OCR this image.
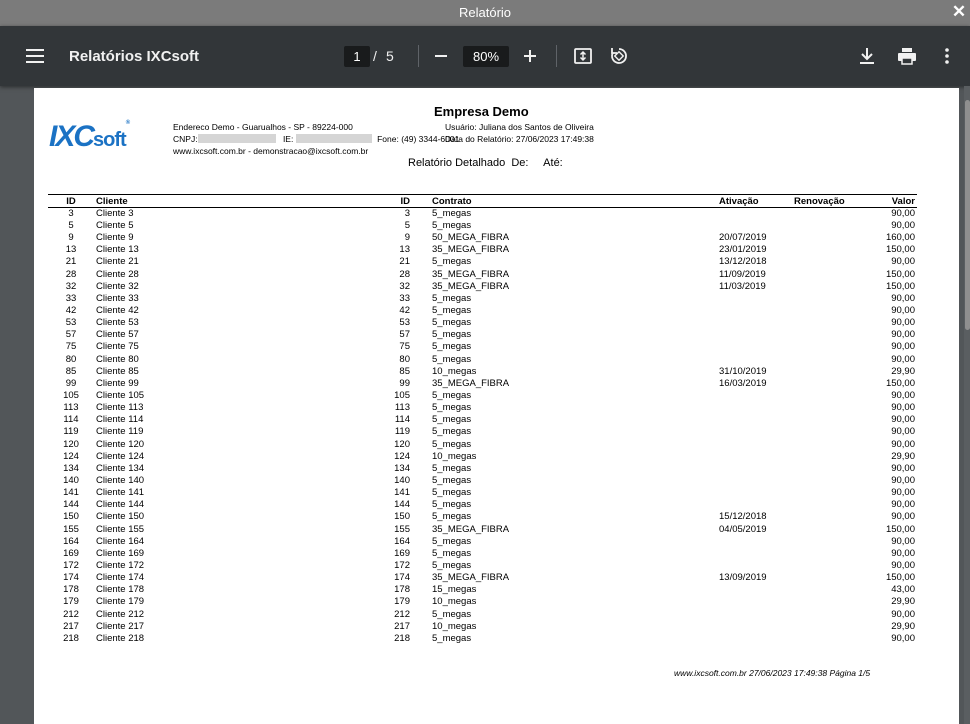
Relatório	✕
Relatórios IXCsoft	1 / 5	80%
IXCsoft®
Empresa Demo
Endereco Demo - Guarualhos - SP - 89224-000	Usuário: Juliana dos Santos de Oliveira
CNPJ:	IE:	Fone: (49) 3344-6001
Data do Relatório: 27/06/2023 17:49:38
www.ixcsoft.com.br - demonstracao@ixcsoft.com.br
Relatório Detalhado De: Até:
ID	Cliente	ID	Contrato	Ativação	Renovação	Valor
3	Cliente 3	3	5_megas			90,00
5	Cliente 5	5	5_megas			90,00
9	Cliente 9	9	50_MEGA_FIBRA	20/07/2019		160,00
13	Cliente 13	13	35_MEGA_FIBRA	23/01/2019		150,00
21	Cliente 21	21	5_megas	13/12/2018		90,00
28	Cliente 28	28	35_MEGA_FIBRA	11/09/2019		150,00
32	Cliente 32	32	35_MEGA_FIBRA	11/03/2019		150,00
33	Cliente 33	33	5_megas			90,00
42	Cliente 42	42	5_megas			90,00
53	Cliente 53	53	5_megas			90,00
57	Cliente 57	57	5_megas			90,00
75	Cliente 75	75	5_megas			90,00
80	Cliente 80	80	5_megas			90,00
85	Cliente 85	85	10_megas	31/10/2019		29,90
99	Cliente 99	99	35_MEGA_FIBRA	16/03/2019		150,00
105	Cliente 105	105	5_megas			90,00
113	Cliente 113	113	5_megas			90,00
114	Cliente 114	114	5_megas			90,00
119	Cliente 119	119	5_megas			90,00
120	Cliente 120	120	5_megas			90,00
124	Cliente 124	124	10_megas			29,90
134	Cliente 134	134	5_megas			90,00
140	Cliente 140	140	5_megas			90,00
141	Cliente 141	141	5_megas			90,00
144	Cliente 144	144	5_megas			90,00
150	Cliente 150	150	5_megas	15/12/2018		90,00
155	Cliente 155	155	35_MEGA_FIBRA	04/05/2019		150,00
164	Cliente 164	164	5_megas			90,00
169	Cliente 169	169	5_megas			90,00
172	Cliente 172	172	5_megas			90,00
174	Cliente 174	174	35_MEGA_FIBRA	13/09/2019		150,00
178	Cliente 178	178	15_megas			43,00
179	Cliente 179	179	10_megas			29,90
212	Cliente 212	212	5_megas			90,00
217	Cliente 217	217	10_megas			29,90
218	Cliente 218	218	5_megas			90,00
www.ixcsoft.com.br 27/06/2023 17:49:38 Página 1/5
